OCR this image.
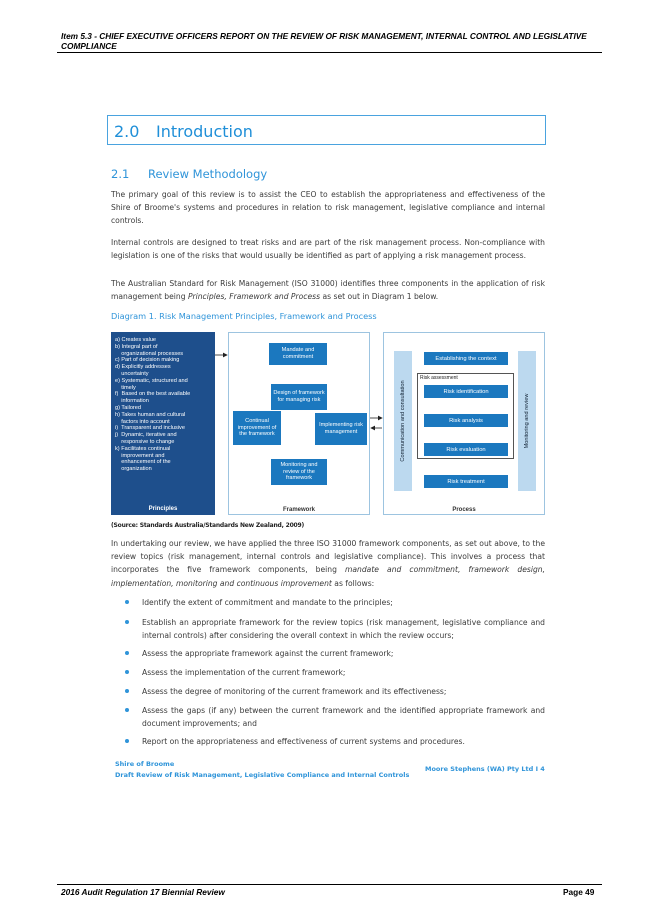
Item 5.3 - CHIEF EXECUTIVE OFFICERS REPORT ON THE REVIEW OF RISK MANAGEMENT, INTERNAL CONTROL AND LEGISLATIVE COMPLIANCE
2.0 Introduction
2.1 Review Methodology
The primary goal of this review is to assist the CEO to establish the appropriateness and effectiveness of the Shire of Broome's systems and procedures in relation to risk management, legislative compliance and internal controls.
Internal controls are designed to treat risks and are part of the risk management process. Non-compliance with legislation is one of the risks that would usually be identified as part of applying a risk management process.
The Australian Standard for Risk Management (ISO 31000) identifies three components in the application of risk management being Principles, Framework and Process as set out in Diagram 1 below.
Diagram 1. Risk Management Principles, Framework and Process
a) Creates value
b) Integral part of
organizational processes
c) Part of decision making
d) Explicitly addresses
uncertainty
e) Systematic, structured and
timely
f)  Based on the best available
information
g) Tailored
h) Takes human and cultural
factors into account
i)  Transparent and inclusive
j)  Dynamic, iterative and
responsive to change
k) Facilitates continual
improvement and
enhancement of the
organization
Principles
Mandate and commitment
Design of framework for managing risk
Continual improvement of the framework
Implementing risk management
Monitoring and review of the framework
Framework
Communication and consultation	Monitoring and review
Establishing the context
Risk assessment
Risk identification
Risk analysis
Risk evaluation
Risk treatment
Process
(Source: Standards Australia/Standards New Zealand, 2009)
In undertaking our review, we have applied the three ISO 31000 framework components, as set out above, to the review topics (risk management, internal controls and legislative compliance). This involves a process that incorporates the five framework components, being mandate and commitment, framework design, implementation, monitoring and continuous improvement as follows:
Identify the extent of commitment and mandate to the principles;
Establish an appropriate framework for the review topics (risk management, legislative compliance and internal controls) after considering the overall context in which the review occurs;
Assess the appropriate framework against the current framework;
Assess the implementation of the current framework;
Assess the degree of monitoring of the current framework and its effectiveness;
Assess the gaps (if any) between the current framework and the identified appropriate framework and document improvements; and
Report on the appropriateness and effectiveness of current systems and procedures.
Shire of Broome
Draft Review of Risk Management, Legislative Compliance and Internal Controls
Moore Stephens (WA) Pty Ltd I 4
2016 Audit Regulation 17 Biennial Review	Page 49
